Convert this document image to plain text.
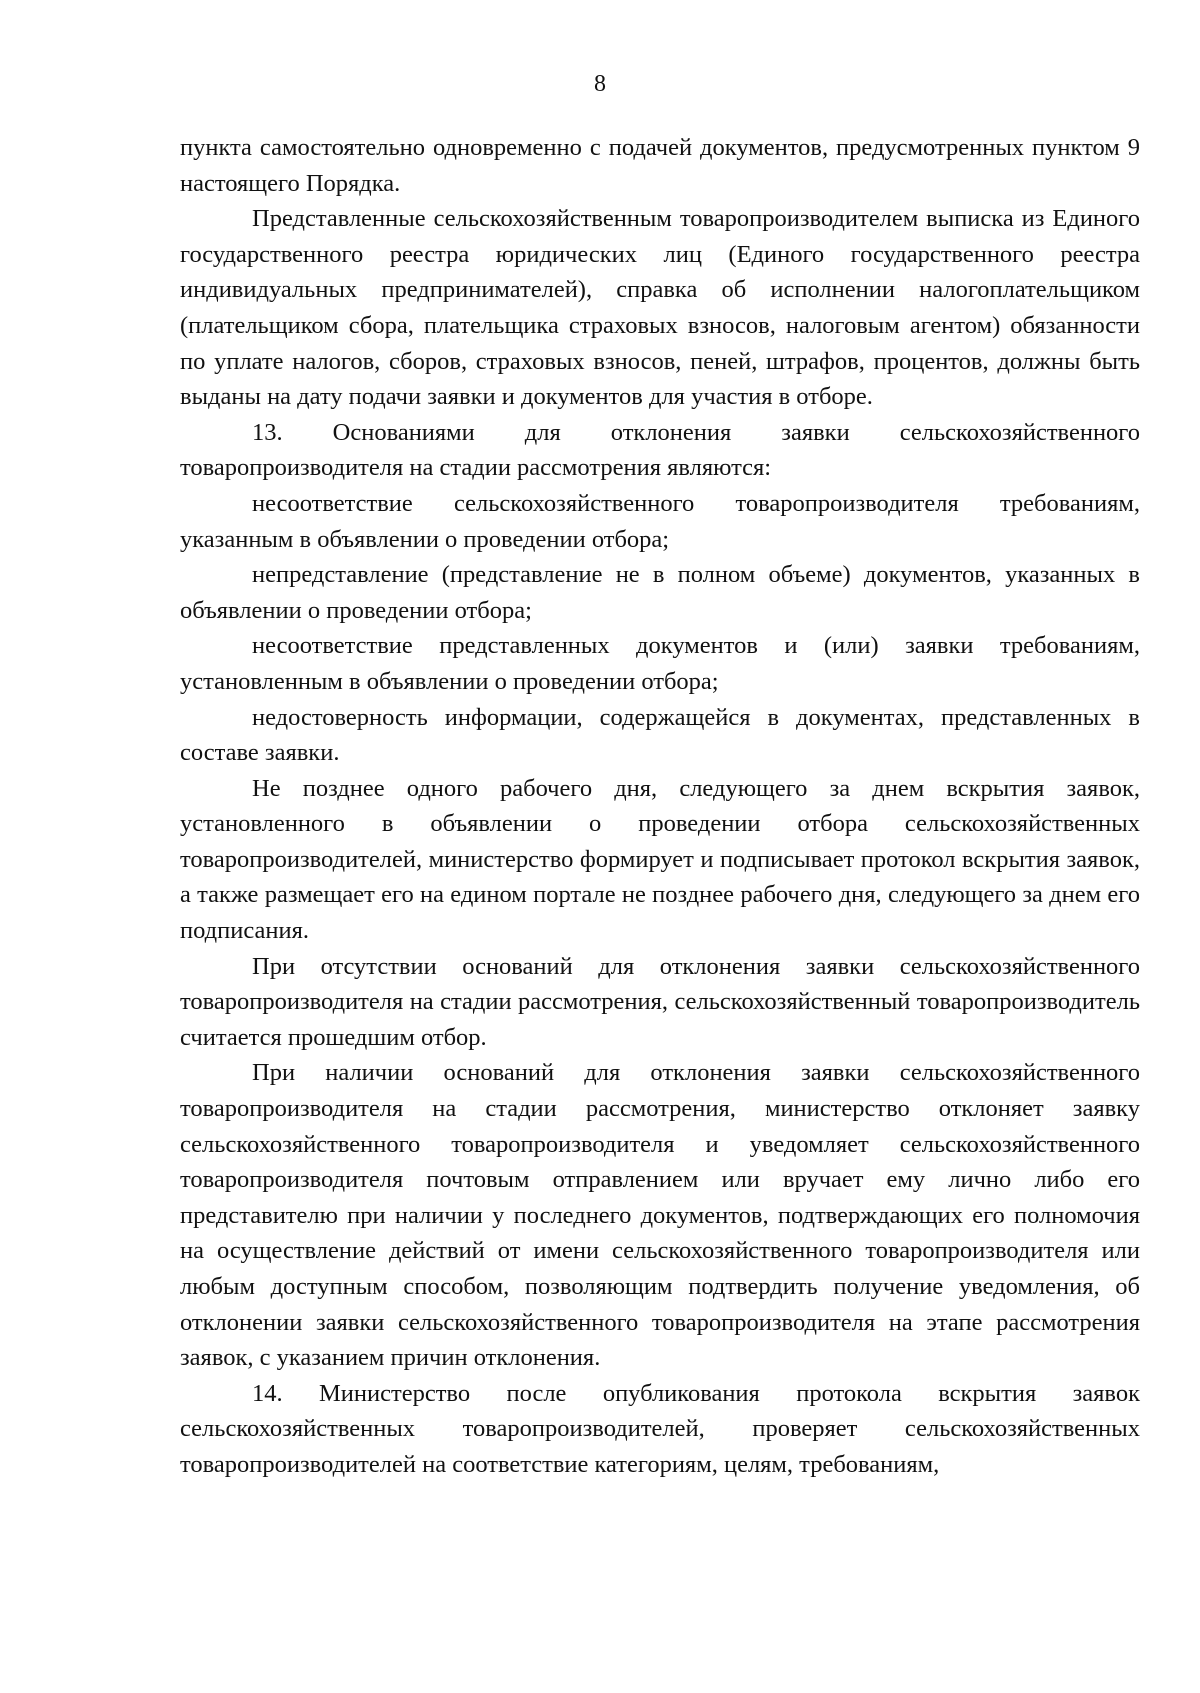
8

пункта самостоятельно одновременно с подачей документов, предусмотренных пунктом 9 настоящего Порядка.

Представленные сельскохозяйственным товаропроизводителем выписка из Единого государственного реестра юридических лиц (Единого государственного реестра индивидуальных предпринимателей), справка об исполнении налогоплательщиком (плательщиком сбора, плательщика страховых взносов, налоговым агентом) обязанности по уплате налогов, сборов, страховых взносов, пеней, штрафов, процентов, должны быть выданы на дату подачи заявки и документов для участия в отборе.

13. Основаниями для отклонения заявки сельскохозяйственного товаропроизводителя на стадии рассмотрения являются:

несоответствие сельскохозяйственного товаропроизводителя требованиям, указанным в объявлении о проведении отбора;

непредставление (представление не в полном объеме) документов, указанных в объявлении о проведении отбора;

несоответствие представленных документов и (или) заявки требованиям, установленным в объявлении о проведении отбора;

недостоверность информации, содержащейся в документах, представленных в составе заявки.

Не позднее одного рабочего дня, следующего за днем вскрытия заявок, установленного в объявлении о проведении отбора сельскохозяйственных товаропроизводителей, министерство формирует и подписывает протокол вскрытия заявок, а также размещает его на едином портале не позднее рабочего дня, следующего за днем его подписания.

При отсутствии оснований для отклонения заявки сельскохозяйственного товаропроизводителя на стадии рассмотрения, сельскохозяйственный товаропроизводитель считается прошедшим отбор.

При наличии оснований для отклонения заявки сельскохозяйственного товаропроизводителя на стадии рассмотрения, министерство отклоняет заявку сельскохозяйственного товаропроизводителя и уведомляет сельскохозяйственного товаропроизводителя почтовым отправлением или вручает ему лично либо его представителю при наличии у последнего документов, подтверждающих его полномочия на осуществление действий от имени сельскохозяйственного товаропроизводителя или любым доступным способом, позволяющим подтвердить получение уведомления, об отклонении заявки сельскохозяйственного товаропроизводителя на этапе рассмотрения заявок, с указанием причин отклонения.

14. Министерство после опубликования протокола вскрытия заявок сельскохозяйственных товаропроизводителей, проверяет сельскохозяйственных товаропроизводителей на соответствие категориям, целям, требованиям,
